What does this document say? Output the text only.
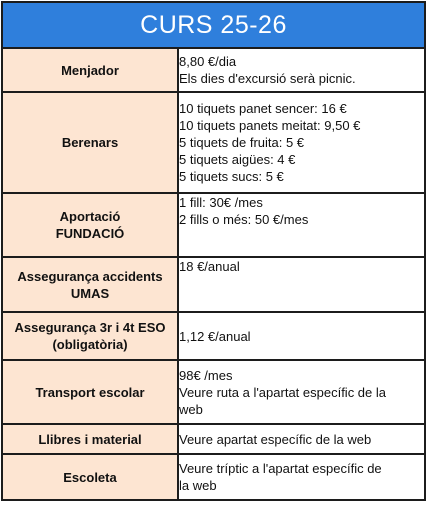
CURS 25-26	

Menjador	8,80 €/dia
Els dies d'excursió serà picnic.

Berenars	10 tiquets panet sencer: 16 €
10 tiquets panets meitat: 9,50 €
5 tiquets de fruita: 5 €
5 tiquets aigües: 4 €
5 tiquets sucs: 5 €

Aportació
FUNDACIÓ	1 fill: 30€ /mes
2 fills o més: 50 €/mes

Assegurança accidents
UMAS	18 €/anual

Assegurança 3r i 4t ESO
(obligatòria)	1,12 €/anual

Transport escolar	98€ /mes
Veure ruta a l'apartat específic de la
web

Llibres i material	Veure apartat específic de la web

Escoleta	Veure tríptic a l'apartat específic de
la web
